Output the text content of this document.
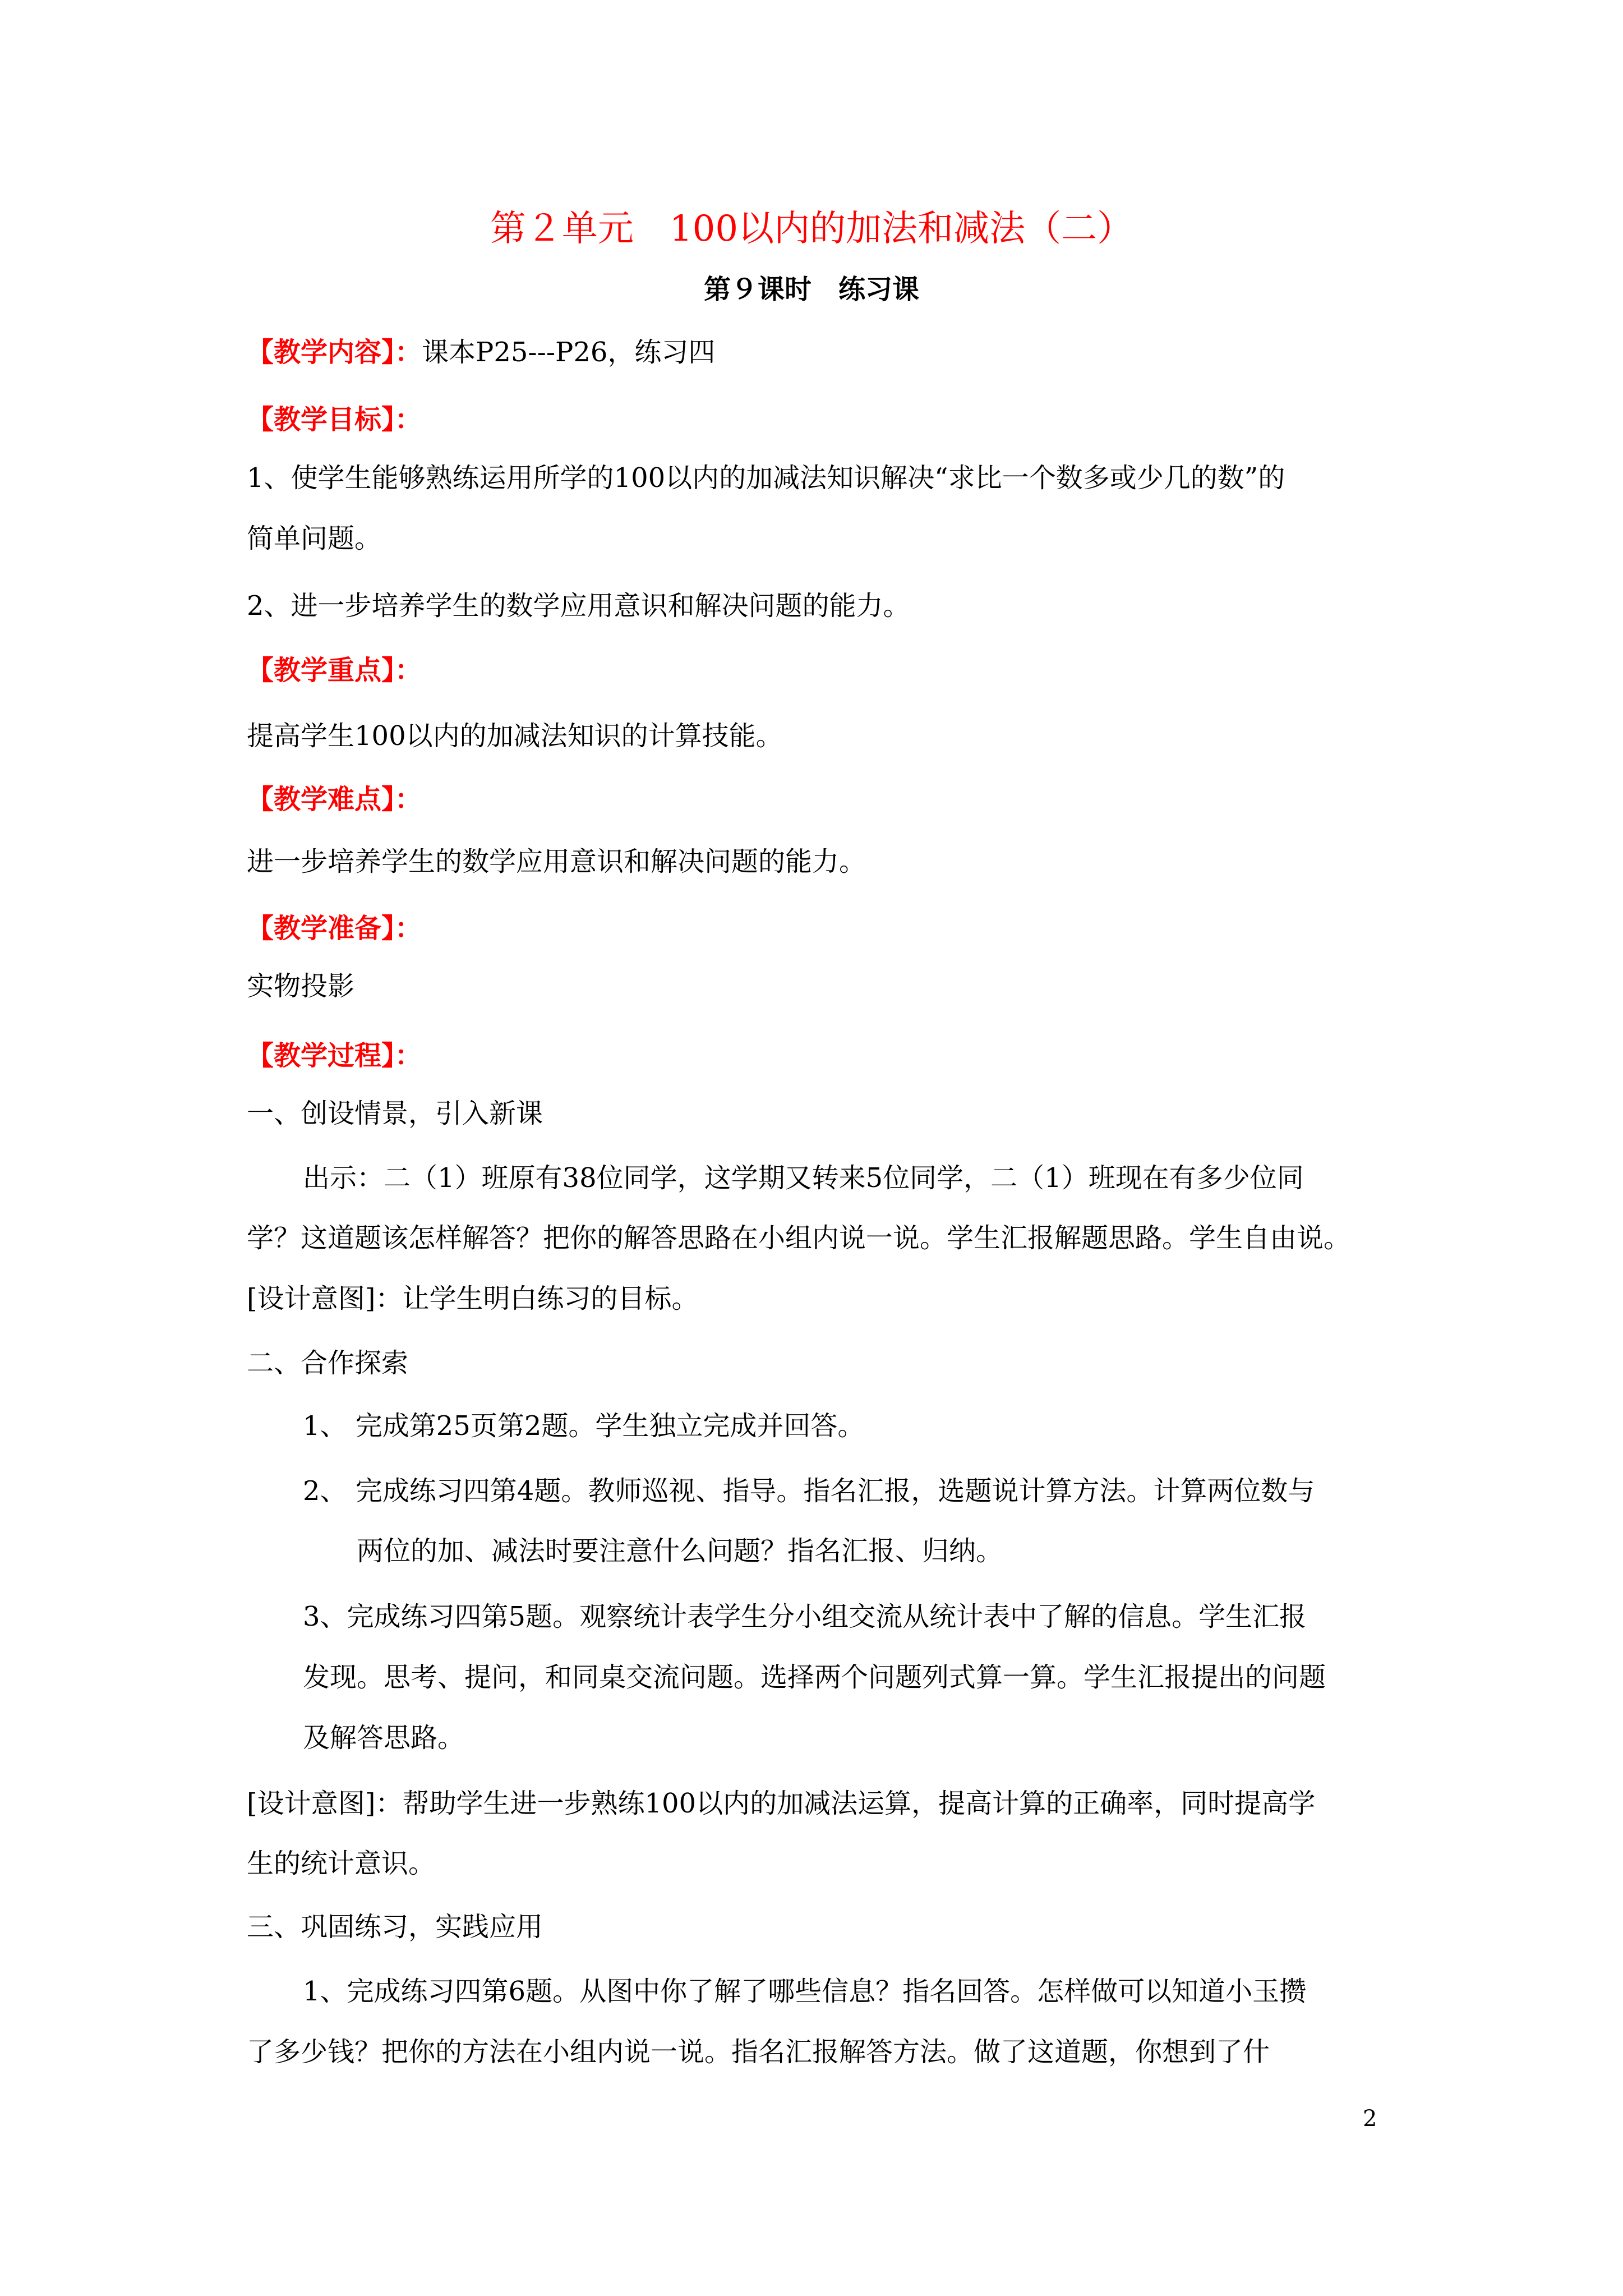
第２单元　100以内的加法和减法（二）
第９课时　练习课
【教学内容】：课本P25---P26，练习四
【教学目标】：
1、使学生能够熟练运用所学的100以内的加减法知识解决“求比一个数多或少几的数”的
简单问题。
2、进一步培养学生的数学应用意识和解决问题的能力。
【教学重点】：
提高学生100以内的加减法知识的计算技能。
【教学难点】：
进一步培养学生的数学应用意识和解决问题的能力。
【教学准备】：
实物投影
【教学过程】：
一、创设情景，引入新课
出示：二（1）班原有38位同学，这学期又转来5位同学，二（1）班现在有多少位同
学？这道题该怎样解答？把你的解答思路在小组内说一说。学生汇报解题思路。学生自由说。
[设计意图]：让学生明白练习的目标。
二、合作探索
1、 完成第25页第2题。学生独立完成并回答。
2、 完成练习四第4题。教师巡视、指导。指名汇报，选题说计算方法。计算两位数与
两位的加、减法时要注意什么问题？指名汇报、归纳。
3、完成练习四第5题。观察统计表学生分小组交流从统计表中了解的信息。学生汇报
发现。思考、提问，和同桌交流问题。选择两个问题列式算一算。学生汇报提出的问题
及解答思路。
[设计意图]：帮助学生进一步熟练100以内的加减法运算，提高计算的正确率，同时提高学
生的统计意识。
三、巩固练习，实践应用
1、完成练习四第6题。从图中你了解了哪些信息？指名回答。怎样做可以知道小玉攒
了多少钱？把你的方法在小组内说一说。指名汇报解答方法。做了这道题，你想到了什
2
